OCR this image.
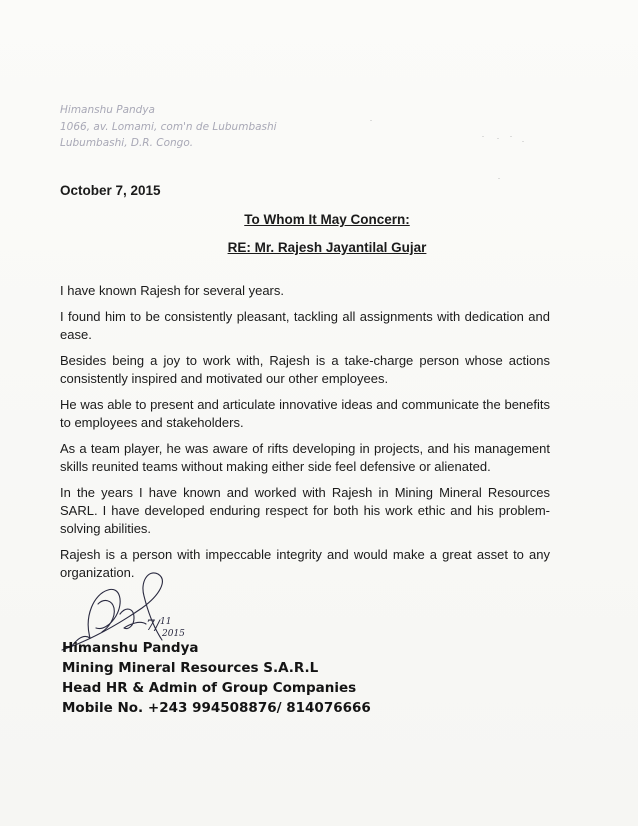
Himanshu Pandya
1066, av. Lomami, com'n de Lubumbashi
Lubumbashi, D.R. Congo.
October 7, 2015
To Whom It May Concern:
RE: Mr. Rajesh Jayantilal Gujar

I have known Rajesh for several years.

I found him to be consistently pleasant, tackling all assignments with dedication and ease.

Besides being a joy to work with, Rajesh is a take-charge person whose actions consistently inspired and motivated our other employees.

He was able to present and articulate innovative ideas and communicate the benefits to employees and stakeholders.

As a team player, he was aware of rifts developing in projects, and his management skills reunited teams without making either side feel defensive or alienated.

In the years I have known and worked with Rajesh in Mining Mineral Resources SARL. I have developed enduring respect for both his work ethic and his problem-solving abilities.

Rajesh is a person with impeccable integrity and would make a great asset to any organization.

7/ 11
2015
Himanshu Pandya
Mining Mineral Resources S.A.R.L
Head HR & Admin of Group Companies
Mobile No. +243 994508876/ 814076666
